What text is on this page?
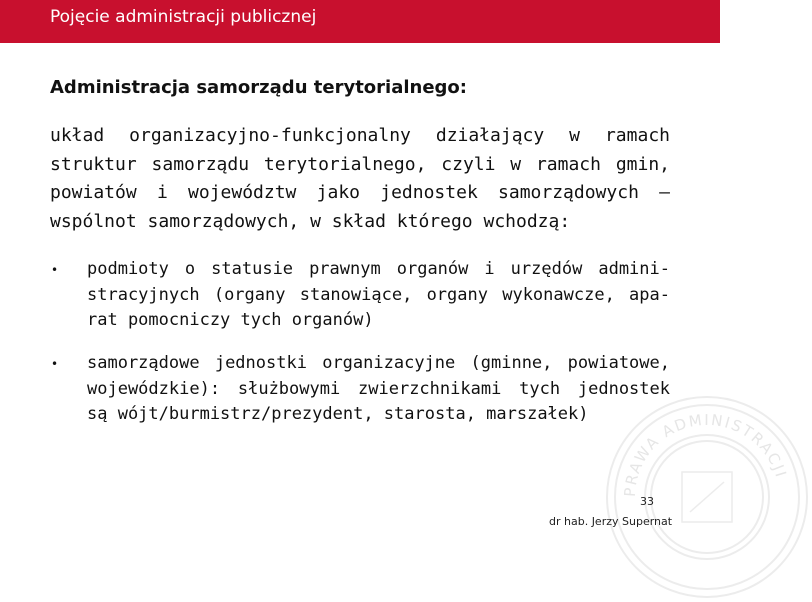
Pojęcie administracji publicznej
PRAWA ADMINISTRACJI
Administracja samorządu terytorialnego:
układ organizacyjno-funkcjonalny działający w ramach struktur samorządu terytorialnego, czyli w ramach gmin, powiatów i województw jako jednostek samorządowych – wspólnot samorządowych, w skład którego wchodzą:
• podmioty o statusie prawnym organów i urzędów admini-stracyjnych (organy stanowiące, organy wykonawcze, apa-rat pomocniczy tych organów)
• samorządowe jednostki organizacyjne (gminne, powiatowe, wojewódzkie): służbowymi zwierzchnikami tych jednostek są wójt/burmistrz/prezydent, starosta, marszałek)
33
dr hab. Jerzy Supernat
